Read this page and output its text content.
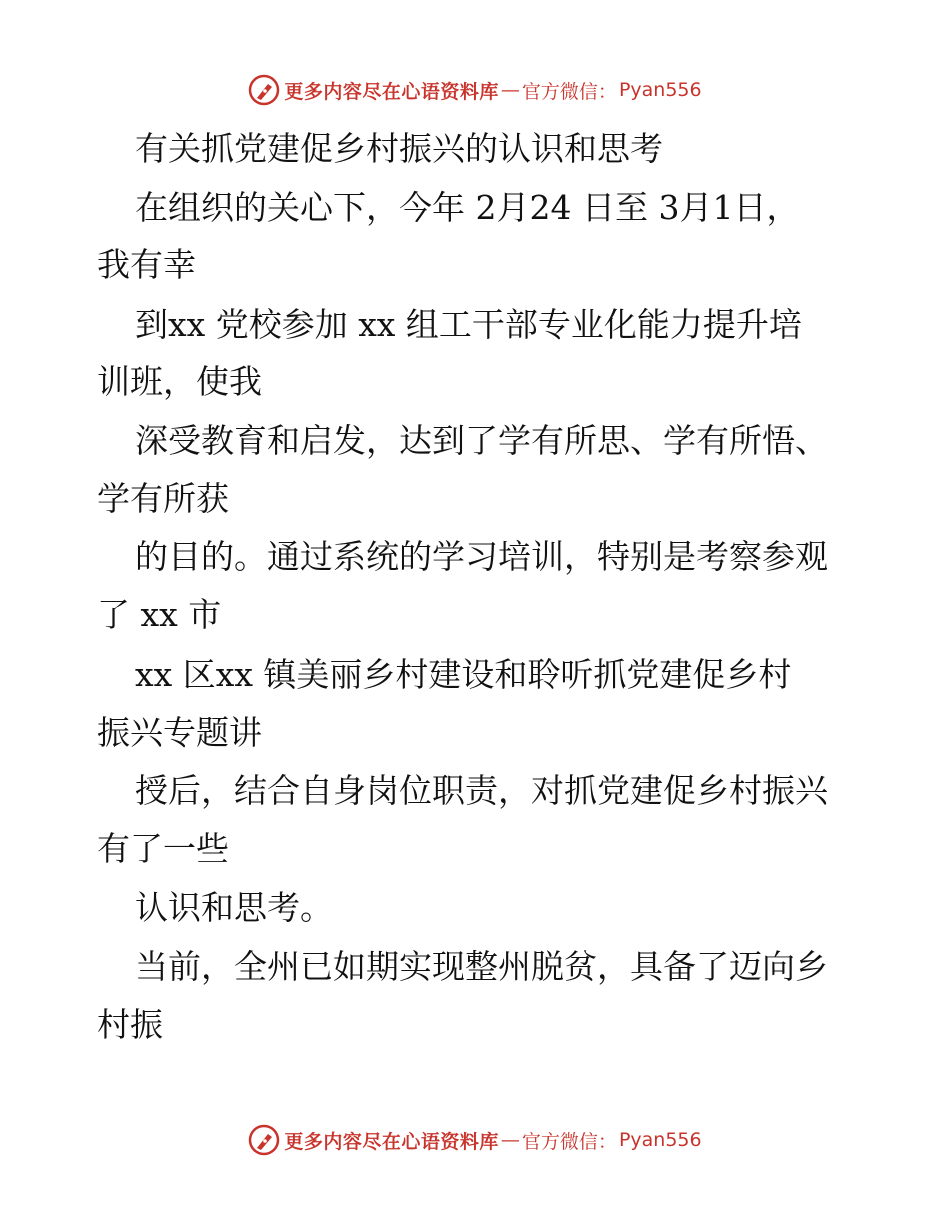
更多内容尽在心语资料库 — 官方微信： Pyan556
有关抓党建促乡村振兴的认识和思考
在组织的关心下，今年 2月24 日至 3月1日，
我有幸
到xx 党校参加 xx 组工干部专业化能力提升培
训班，使我
深受教育和启发，达到了学有所思、学有所悟、
学有所获
的目的。通过系统的学习培训，特别是考察参观
了 xx 市
xx 区xx 镇美丽乡村建设和聆听抓党建促乡村
振兴专题讲
授后，结合自身岗位职责，对抓党建促乡村振兴
有了一些
认识和思考。
当前，全州已如期实现整州脱贫，具备了迈向乡
村振
更多内容尽在心语资料库 — 官方微信： Pyan556
